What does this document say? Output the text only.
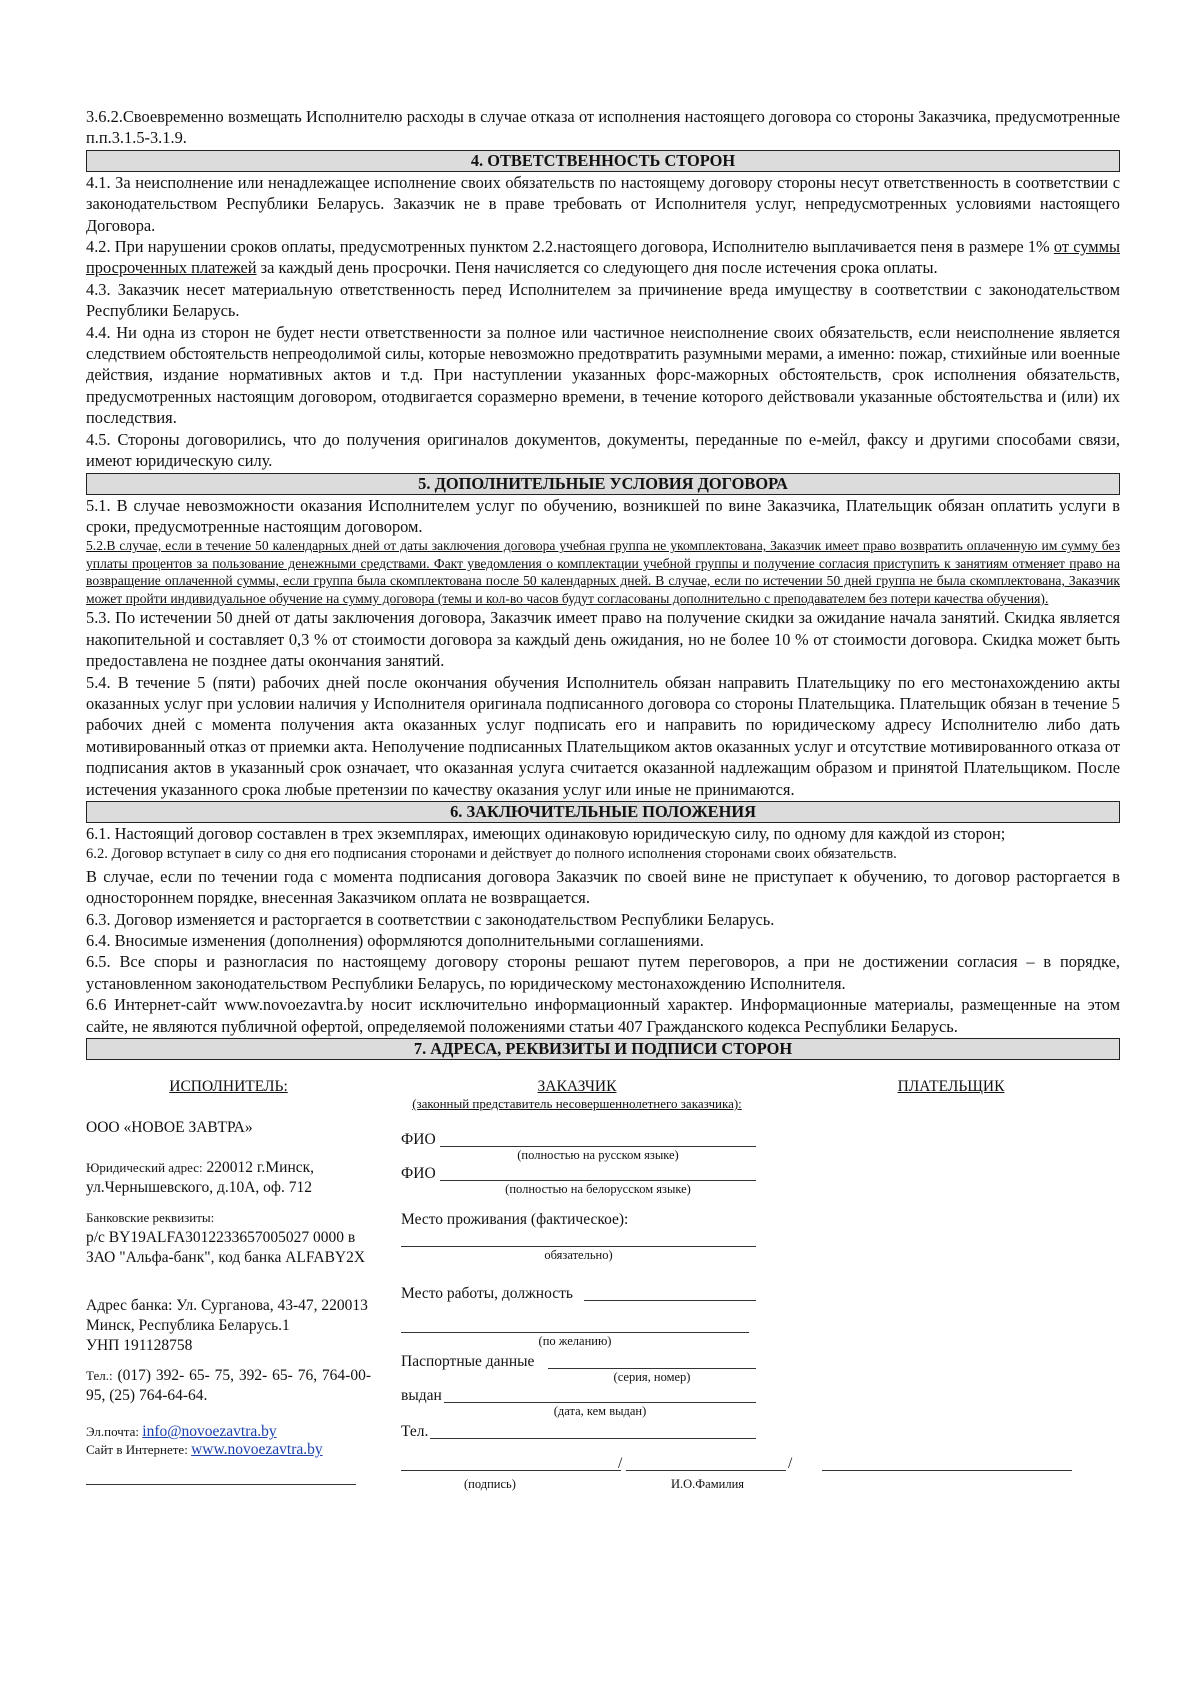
3.6.2.Своевременно возмещать Исполнителю расходы в случае отказа от исполнения настоящего договора со стороны Заказчика, предусмотренные п.п.3.1.5-3.1.9.

4. ОТВЕТСТВЕННОСТЬ СТОРОН

4.1. За неисполнение или ненадлежащее исполнение своих обязательств по настоящему договору стороны несут ответственность в соответствии с законодательством Республики Беларусь. Заказчик не в праве требовать от Исполнителя услуг, непредусмотренных условиями настоящего Договора.

4.2. При нарушении сроков оплаты, предусмотренных пунктом 2.2.настоящего договора, Исполнителю выплачивается пеня в размере 1% от суммы просроченных платежей за каждый день просрочки. Пеня начисляется со следующего дня после истечения срока оплаты.

4.3. Заказчик несет материальную ответственность перед Исполнителем за причинение вреда имуществу в соответствии с законодательством Республики Беларусь.

4.4. Ни одна из сторон не будет нести ответственности за полное или частичное неисполнение своих обязательств, если неисполнение является следствием обстоятельств непреодолимой силы, которые невозможно предотвратить разумными мерами, а именно: пожар, стихийные или военные действия, издание нормативных актов и т.д. При наступлении указанных форс-мажорных обстоятельств, срок исполнения обязательств, предусмотренных настоящим договором, отодвигается соразмерно времени, в течение которого действовали указанные обстоятельства и (или) их последствия.

4.5. Стороны договорились, что до получения оригиналов документов, документы, переданные по е-мейл, факсу и другими способами связи, имеют юридическую силу.

5. ДОПОЛНИТЕЛЬНЫЕ УСЛОВИЯ ДОГОВОРА

5.1. В случае невозможности оказания Исполнителем услуг по обучению, возникшей по вине Заказчика, Плательщик обязан оплатить услуги в сроки, предусмотренные настоящим договором.

5.2.В случае, если в течение 50 календарных дней от даты заключения договора учебная группа не укомплектована, Заказчик имеет право возвратить оплаченную им сумму без уплаты процентов за пользование денежными средствами. Факт уведомления о комплектации учебной группы и получение согласия приступить к занятиям отменяет право на возвращение оплаченной суммы, если группа была скомплектована после 50 календарных дней. В случае, если по истечении 50 дней группа не была скомплектована, Заказчик может пройти индивидуальное обучение на сумму договора (темы и кол-во часов будут согласованы дополнительно с преподавателем без потери качества обучения).

5.3. По истечении 50 дней от даты заключения договора, Заказчик имеет право на получение скидки за ожидание начала занятий. Скидка является накопительной и составляет 0,3 % от стоимости договора за каждый день ожидания, но не более 10 % от стоимости договора. Скидка может быть предоставлена не позднее даты окончания занятий.

5.4. В течение 5 (пяти) рабочих дней после окончания обучения Исполнитель обязан направить Плательщику по его местонахождению акты оказанных услуг при условии наличия у Исполнителя оригинала подписанного договора со стороны Плательщика. Плательщик обязан в течение 5 рабочих дней с момента получения акта оказанных услуг подписать его и направить по юридическому адресу Исполнителю либо дать мотивированный отказ от приемки акта. Неполучение подписанных Плательщиком актов оказанных услуг и отсутствие мотивированного отказа от подписания актов в указанный срок означает, что оказанная услуга считается оказанной надлежащим образом и принятой Плательщиком. После истечения указанного срока любые претензии по качеству оказания услуг или иные не принимаются.

6. ЗАКЛЮЧИТЕЛЬНЫЕ ПОЛОЖЕНИЯ

6.1. Настоящий договор составлен в трех экземплярах, имеющих одинаковую юридическую силу, по одному для каждой из сторон;

6.2. Договор вступает в силу со дня его подписания сторонами и действует до полного исполнения сторонами своих обязательств.

В случае, если по течении года с момента подписания договора Заказчик по своей вине не приступает к обучению, то договор расторгается в одностороннем порядке, внесенная Заказчиком оплата не возвращается.

6.3. Договор изменяется и расторгается в соответствии с законодательством Республики Беларусь.

6.4. Вносимые изменения (дополнения) оформляются дополнительными соглашениями.

6.5. Все споры и разногласия по настоящему договору стороны решают путем переговоров, а при не достижении согласия – в порядке, установленном законодательством Республики Беларусь, по юридическому местонахождению Исполнителя.

6.6 Интернет-сайт www.novoezavtra.by носит исключительно информационный характер. Информационные материалы, размещенные на этом сайте, не являются публичной офертой, определяемой положениями статьи 407 Гражданского кодекса Республики Беларусь.

7. АДРЕСА, РЕКВИЗИТЫ И ПОДПИСИ СТОРОН
ИСПОЛНИТЕЛЬ:
ООО «НОВОЕ ЗАВТРА»
Юридический адрес: 220012 г.Минск, ул.Чернышевского, д.10А, оф. 712
Банковские реквизиты:
р/с BY19ALFA3012233657005027 0000 в ЗАО "Альфа-банк", код банка ALFABY2X
Адрес банка: Ул. Сурганова, 43-47, 220013 Минск, Республика Беларусь.1
УНП 191128758
Тел.: (017) 392- 65- 75, 392- 65- 76, 764-00-95, (25) 764-64-64.
Эл.почта: info@novoezavtra.by
Сайт в Интернете: www.novoezavtra.by
ЗАКАЗЧИК
(законный представитель несовершеннолетнего заказчика):
ФИО
(полностью на русском языке)
ФИО
(полностью на белорусском языке)
Место проживания (фактическое):
обязательно)
Место работы, должность
(по желанию)
Паспортные данные
(серия, номер)
выдан
(дата, кем выдан)
Тел.
/	/
(подпись)	И.О.Фамилия
ПЛАТЕЛЬЩИК
